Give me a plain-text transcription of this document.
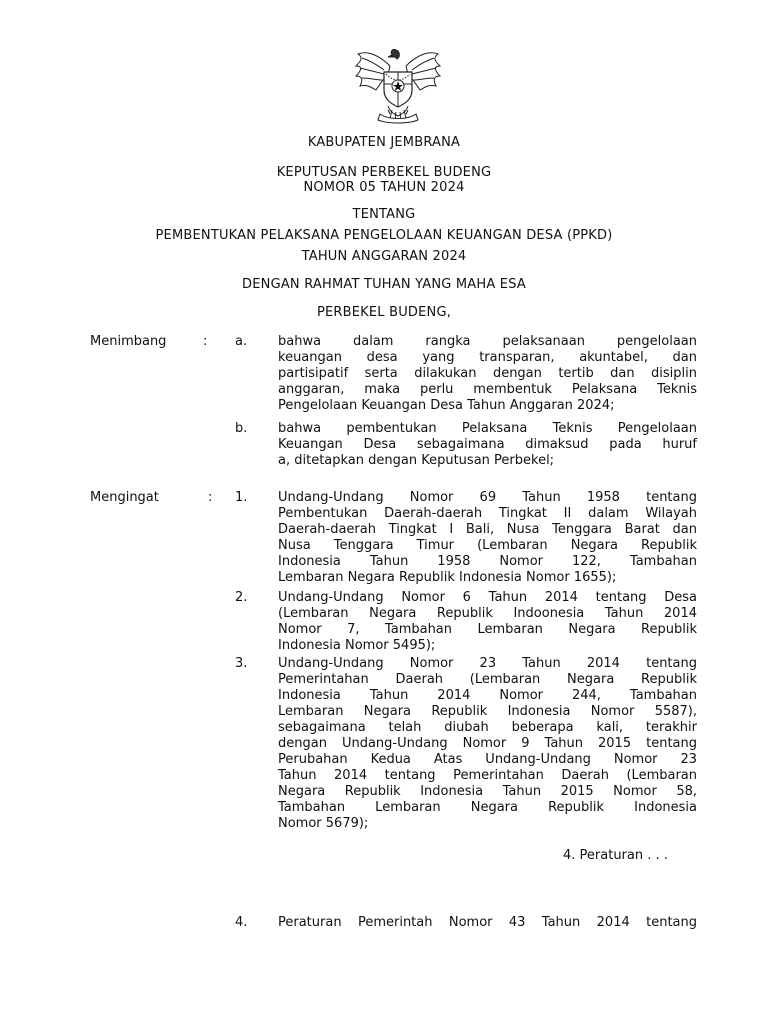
KABUPATEN JEMBRANA
KEPUTUSAN PERBEKEL BUDENG
NOMOR 05 TAHUN 2024
TENTANG
PEMBENTUKAN PELAKSANA PENGELOLAAN KEUANGAN DESA (PPKD)
TAHUN ANGGARAN 2024
DENGAN RAHMAT TUHAN YANG MAHA ESA
PERBEKEL BUDENG,
Menimbang	: a. bahwa dalam rangka pelaksanaan pengelolaan
keuangan desa yang transparan, akuntabel, dan
partisipatif serta dilakukan dengan tertib dan disiplin
anggaran, maka perlu membentuk Pelaksana Teknis
Pengelolaan Keuangan Desa Tahun Anggaran 2024;
b. bahwa pembentukan Pelaksana Teknis Pengelolaan
Keuangan Desa sebagaimana dimaksud pada huruf
a, ditetapkan dengan Keputusan Perbekel;
Mengingat	: 1. Undang-Undang Nomor 69 Tahun 1958 tentang
Pembentukan Daerah-daerah Tingkat II dalam Wilayah
Daerah-daerah Tingkat I Bali, Nusa Tenggara Barat dan
Nusa Tenggara Timur (Lembaran Negara Republik
Indonesia Tahun 1958 Nomor 122, Tambahan
Lembaran Negara Republik Indonesia Nomor 1655);
2. Undang-Undang Nomor 6 Tahun 2014 tentang Desa
(Lembaran Negara Republik Indoonesia Tahun 2014
Nomor 7, Tambahan Lembaran Negara Republik
Indonesia Nomor 5495);
3. Undang-Undang Nomor 23 Tahun 2014 tentang
Pemerintahan Daerah (Lembaran Negara Republik
Indonesia Tahun 2014 Nomor 244, Tambahan
Lembaran Negara Republik Indonesia Nomor 5587),
sebagaimana telah diubah beberapa kali, terakhir
dengan Undang-Undang Nomor 9 Tahun 2015 tentang
Perubahan Kedua Atas Undang-Undang Nomor 23
Tahun 2014 tentang Pemerintahan Daerah (Lembaran
Negara Republik Indonesia Tahun 2015 Nomor 58,
Tambahan Lembaran Negara Republik Indonesia
Nomor 5679);
4. Peraturan . . .
4. Peraturan Pemerintah Nomor 43 Tahun 2014 tentang
